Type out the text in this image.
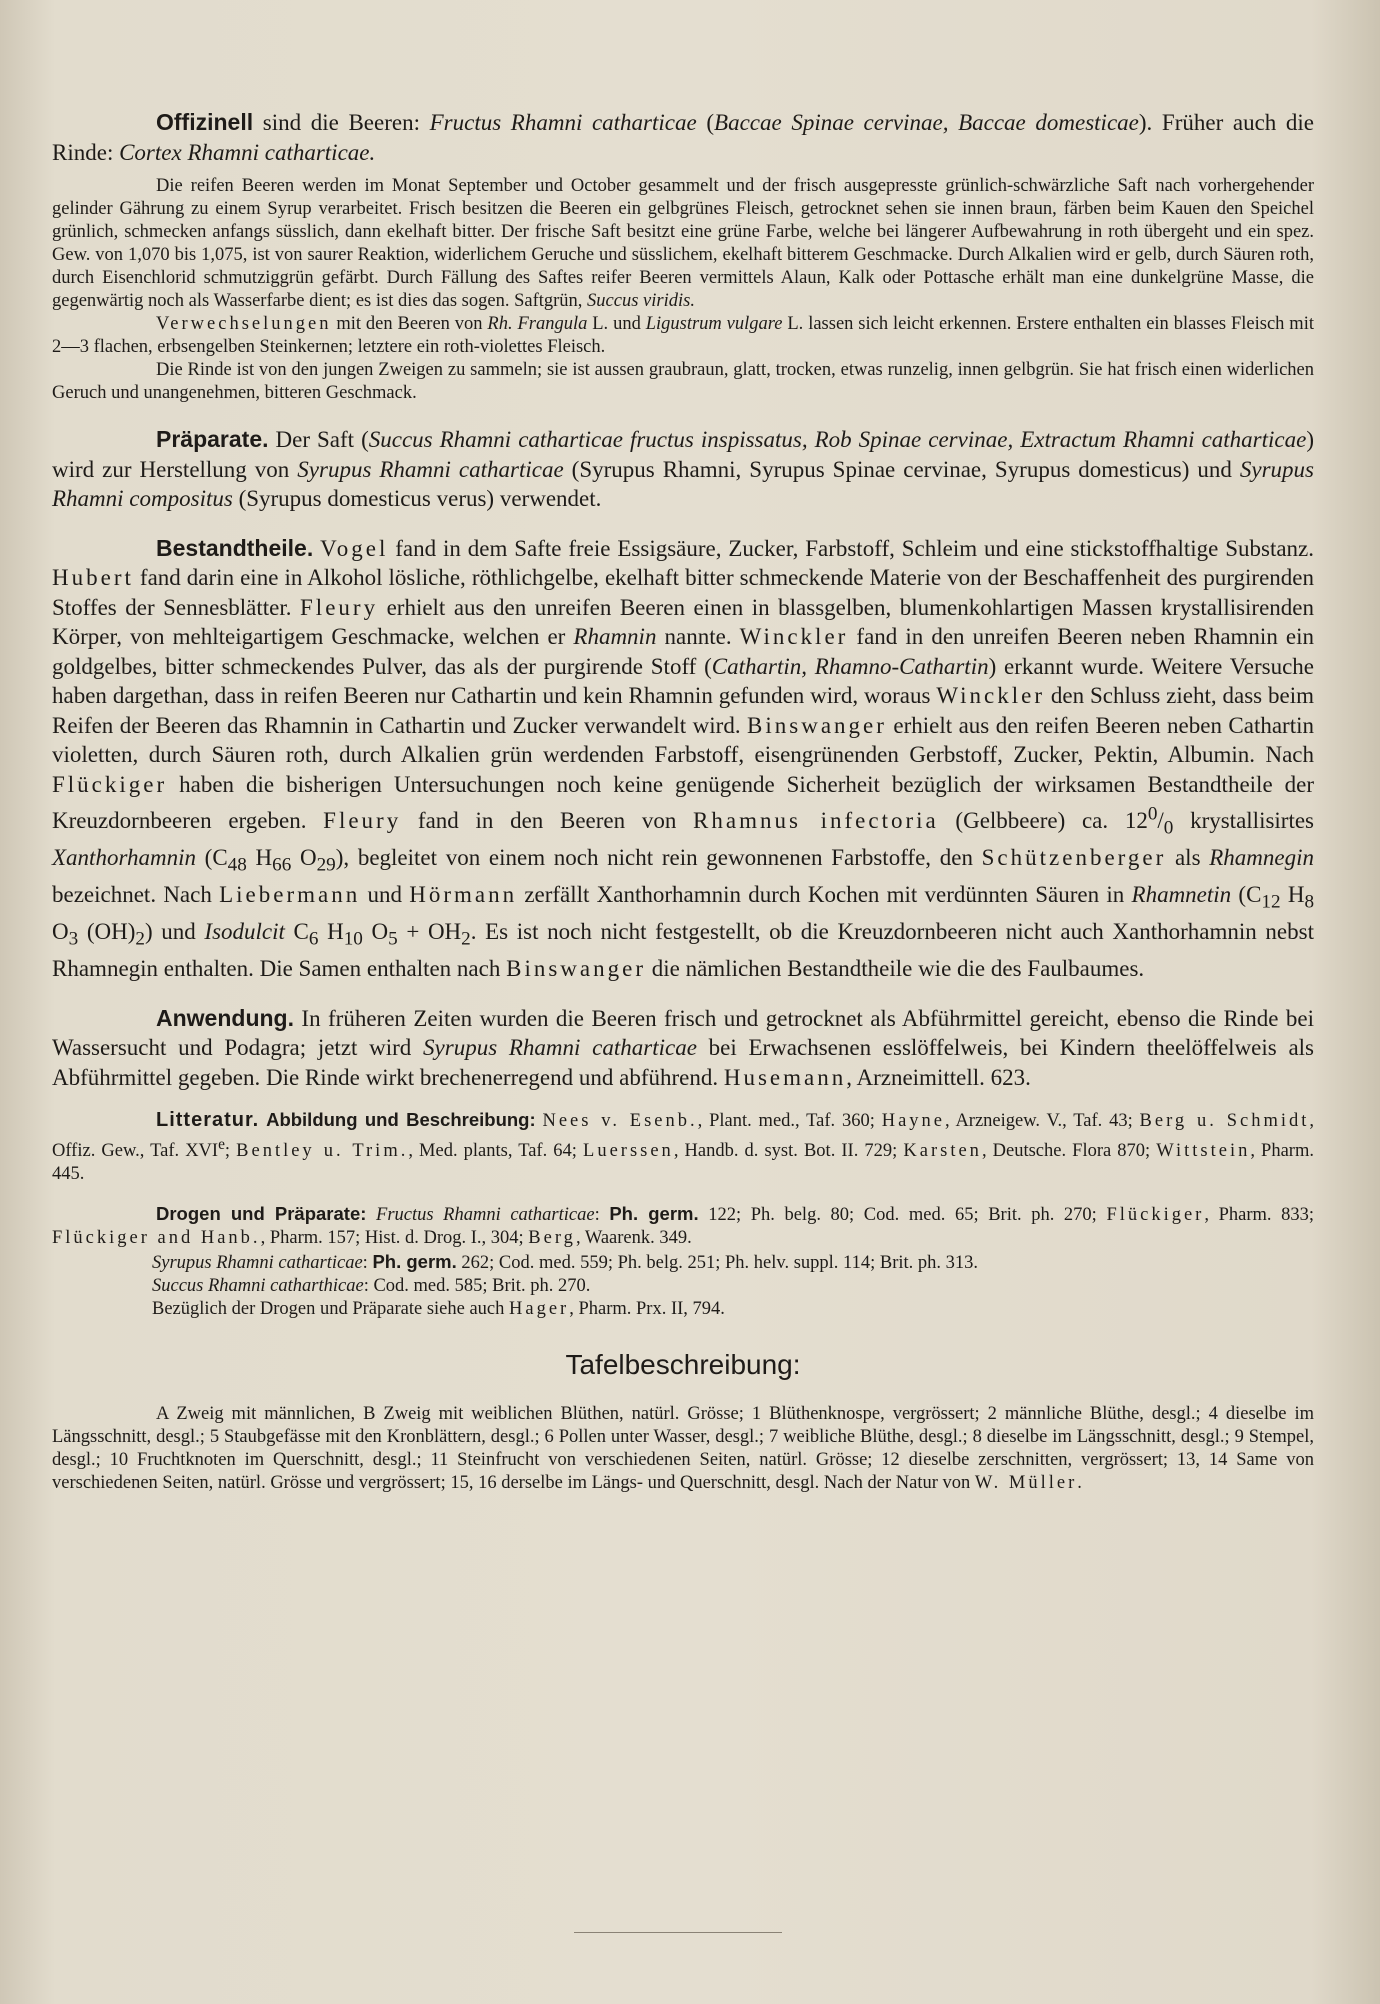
Offizinell sind die Beeren: Fructus Rhamni catharticae (Baccae Spinae cervinae, Baccae domesticae). Früher auch die Rinde: Cortex Rhamni catharticae.

Die reifen Beeren werden im Monat September und October gesammelt und der frisch ausgepresste grünlich-schwärzliche Saft nach vorhergehender gelinder Gährung zu einem Syrup verarbeitet. Frisch besitzen die Beeren ein gelbgrünes Fleisch, getrocknet sehen sie innen braun, färben beim Kauen den Speichel grünlich, schmecken anfangs süsslich, dann ekelhaft bitter. Der frische Saft besitzt eine grüne Farbe, welche bei längerer Aufbewahrung in roth übergeht und ein spez. Gew. von 1,070 bis 1,075, ist von saurer Reaktion, widerlichem Geruche und süsslichem, ekelhaft bitterem Geschmacke. Durch Alkalien wird er gelb, durch Säuren roth, durch Eisenchlorid schmutziggrün gefärbt. Durch Fällung des Saftes reifer Beeren vermittels Alaun, Kalk oder Pottasche erhält man eine dunkelgrüne Masse, die gegenwärtig noch als Wasserfarbe dient; es ist dies das sogen. Saftgrün, Succus viridis.

Verwechselungen mit den Beeren von Rh. Frangula L. und Ligustrum vulgare L. lassen sich leicht erkennen. Erstere enthalten ein blasses Fleisch mit 2—3 flachen, erbsengelben Steinkernen; letztere ein roth-violettes Fleisch.

Die Rinde ist von den jungen Zweigen zu sammeln; sie ist aussen graubraun, glatt, trocken, etwas runzelig, innen gelbgrün. Sie hat frisch einen widerlichen Geruch und unangenehmen, bitteren Geschmack.

Präparate. Der Saft (Succus Rhamni catharticae fructus inspissatus, Rob Spinae cervinae, Extractum Rhamni catharticae) wird zur Herstellung von Syrupus Rhamni catharticae (Syrupus Rhamni, Syrupus Spinae cervinae, Syrupus domesticus) und Syrupus Rhamni compositus (Syrupus domesticus verus) verwendet.

Bestandtheile. Vogel fand in dem Safte freie Essigsäure, Zucker, Farbstoff, Schleim und eine stickstoffhaltige Substanz. Hubert fand darin eine in Alkohol lösliche, röthlichgelbe, ekelhaft bitter schmeckende Materie von der Beschaffenheit des purgirenden Stoffes der Sennesblätter. Fleury erhielt aus den unreifen Beeren einen in blassgelben, blumenkohlartigen Massen krystallisirenden Körper, von mehlteigartigem Geschmacke, welchen er Rhamnin nannte. Winckler fand in den unreifen Beeren neben Rhamnin ein goldgelbes, bitter schmeckendes Pulver, das als der purgirende Stoff (Cathartin, Rhamno-Cathartin) erkannt wurde. Weitere Versuche haben dargethan, dass in reifen Beeren nur Cathartin und kein Rhamnin gefunden wird, woraus Winckler den Schluss zieht, dass beim Reifen der Beeren das Rhamnin in Cathartin und Zucker verwandelt wird. Binswanger erhielt aus den reifen Beeren neben Cathartin violetten, durch Säuren roth, durch Alkalien grün werdenden Farbstoff, eisengrünenden Gerbstoff, Zucker, Pektin, Albumin. Nach Flückiger haben die bisherigen Untersuchungen noch keine genügende Sicherheit bezüglich der wirksamen Bestandtheile der Kreuzdornbeeren ergeben. Fleury fand in den Beeren von Rhamnus infectoria (Gelbbeere) ca. $12^0/_0$ krystallisirtes Xanthorhamnin ($C_{48}$ $H_{66}$ $O_{29}$), begleitet von einem noch nicht rein gewonnenen Farbstoffe, den Schützenberger als Rhamnegin bezeichnet. Nach Liebermann und Hörmann zerfällt Xanthorhamnin durch Kochen mit verdünnten Säuren in Rhamnetin ($C_{12}$ $H_8$ $O_3$ $(OH)_2$) und Isodulcit $C_6$ $H_{10}$ $O_5 + OH_2$. Es ist noch nicht festgestellt, ob die Kreuzdornbeeren nicht auch Xanthorhamnin nebst Rhamnegin enthalten. Die Samen enthalten nach Binswanger die nämlichen Bestandtheile wie die des Faulbaumes.

Anwendung. In früheren Zeiten wurden die Beeren frisch und getrocknet als Abführmittel gereicht, ebenso die Rinde bei Wassersucht und Podagra; jetzt wird Syrupus Rhamni catharticae bei Erwachsenen esslöffelweis, bei Kindern theelöffelweis als Abführmittel gegeben. Die Rinde wirkt brechenerregend und abführend. Husemann, Arzneimittell. 623.

Litteratur. Abbildung und Beschreibung: Nees v. Esenb., Plant. med., Taf. 360; Hayne, Arzneigew. V., Taf. 43; Berg u. Schmidt, Offiz. Gew., Taf. XVIe; Bentley u. Trim., Med. plants, Taf. 64; Luerssen, Handb. d. syst. Bot. II. 729; Karsten, Deutsche. Flora 870; Wittstein, Pharm. 445.

Drogen und Präparate: Fructus Rhamni catharticae: Ph. germ. 122; Ph. belg. 80; Cod. med. 65; Brit. ph. 270; Flückiger, Pharm. 833; Flückiger and Hanb., Pharm. 157; Hist. d. Drog. I., 304; Berg, Waarenk. 349.

Syrupus Rhamni catharticae: Ph. germ. 262; Cod. med. 559; Ph. belg. 251; Ph. helv. suppl. 114; Brit. ph. 313.

Succus Rhamni catharthicae: Cod. med. 585; Brit. ph. 270.

Bezüglich der Drogen und Präparate siehe auch Hager, Pharm. Prx. II, 794.

Tafelbeschreibung:

A Zweig mit männlichen, B Zweig mit weiblichen Blüthen, natürl. Grösse; 1 Blüthenknospe, vergrössert; 2 männliche Blüthe, desgl.; 4 dieselbe im Längsschnitt, desgl.; 5 Staubgefässe mit den Kronblättern, desgl.; 6 Pollen unter Wasser, desgl.; 7 weibliche Blüthe, desgl.; 8 dieselbe im Längsschnitt, desgl.; 9 Stempel, desgl.; 10 Fruchtknoten im Querschnitt, desgl.; 11 Steinfrucht von verschiedenen Seiten, natürl. Grösse; 12 dieselbe zerschnitten, vergrössert; 13, 14 Same von verschiedenen Seiten, natürl. Grösse und vergrössert; 15, 16 derselbe im Längs- und Querschnitt, desgl. Nach der Natur von W. Müller.
